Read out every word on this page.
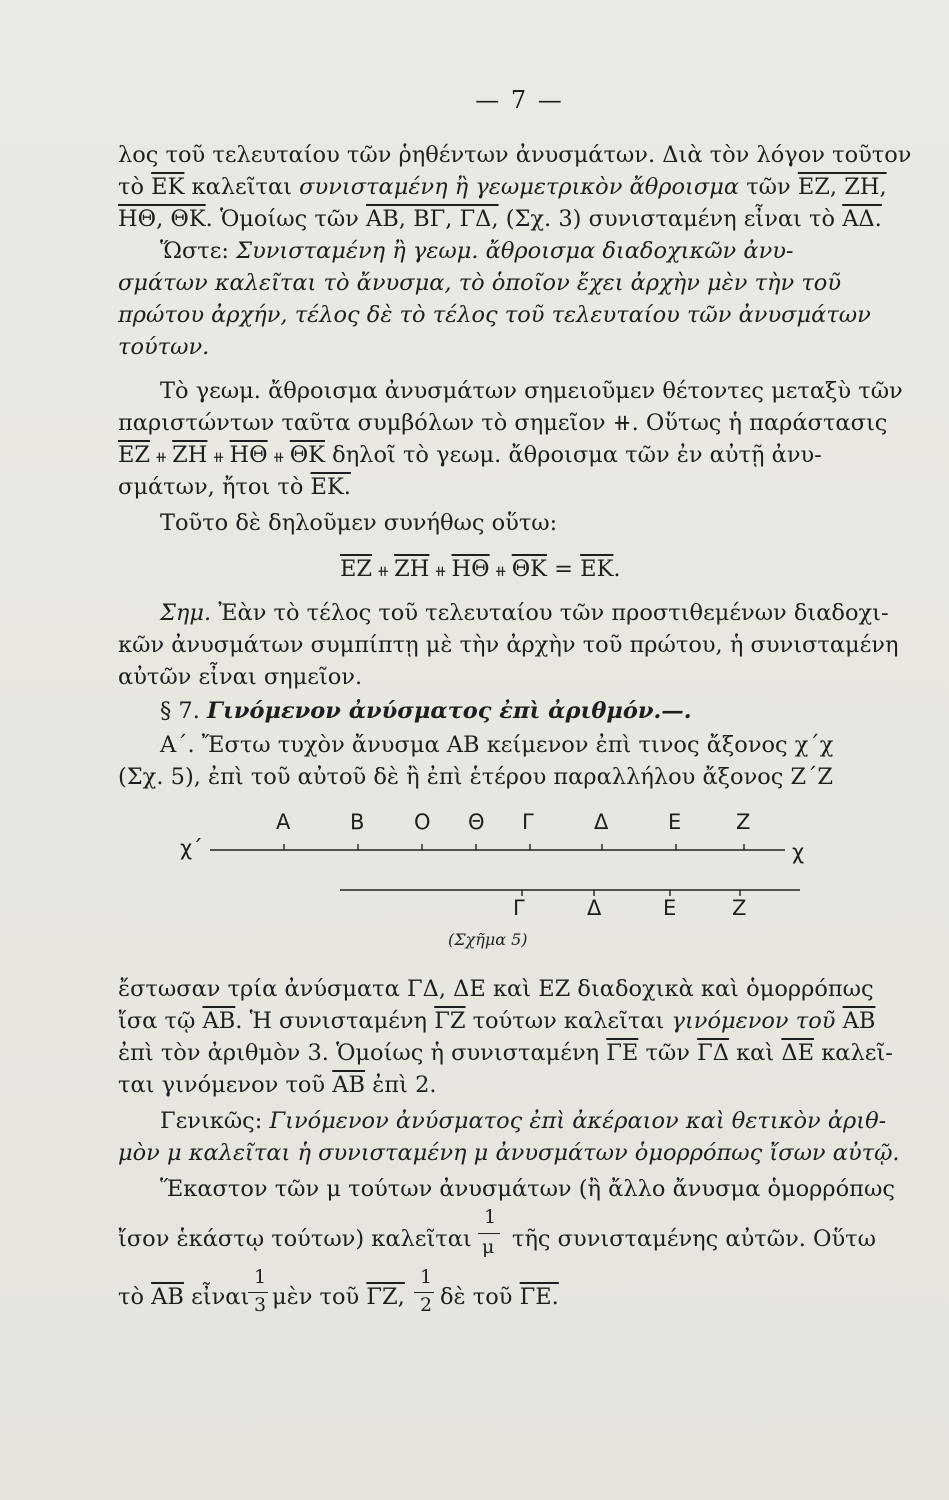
— 7 —
λος τοῦ τελευταίου τῶν ῥηθέντων ἀνυσμάτων. Διὰ τὸν λόγον τοῦτον
τὸ $\overline{EK}$ καλεῖται συνισταμένη ἢ γεωμετρικὸν ἄθροισμα τῶν ΕΖ, ΖΗ,
ΗΘ, ΘΚ. Ὁμοίως τῶν ΑΒ, ΒΓ, ΓΔ, (Σχ. 3) συνισταμένη εἶναι τὸ ΑΔ.
Ὥστε: Συνισταμένη ἢ γεωμ. ἄθροισμα διαδοχικῶν ἀνυ-
σμάτων καλεῖται τὸ ἄνυσμα, τὸ ὁποῖον ἔχει ἀρχὴν μὲν τὴν τοῦ
πρώτου ἀρχήν, τέλος δὲ τὸ τέλος τοῦ τελευταίου τῶν ἀνυσμάτων
τούτων.
Τὸ γεωμ. ἄθροισμα ἀνυσμάτων σημειοῦμεν θέτοντες μεταξὺ τῶν
παριστώντων ταῦτα συμβόλων τὸ σημεῖον ⧺. Οὕτως ἡ παράστασις
$\overline{EZ}$ ⧺ $\overline{ZH}$ ⧺ $\overline{H\Theta}$ ⧺ $\overline{\Theta K}$ δηλοῖ τὸ γεωμ. ἄθροισμα τῶν ἐν αὐτῇ ἀνυ-
σμάτων, ἤτοι τὸ ΕΚ.
Τοῦτο δὲ δηλοῦμεν συνήθως οὕτω:
$\overline{EZ}$ ⧺ $\overline{ZH}$ ⧺ $\overline{H\Theta}$ ⧺ $\overline{\Theta K} = \overline{EK}$.
Σημ. Ἐὰν τὸ τέλος τοῦ τελευταίου τῶν προστιθεμένων διαδοχι-
κῶν ἀνυσμάτων συμπίπτῃ μὲ τὴν ἀρχὴν τοῦ πρώτου, ἡ συνισταμένη
αὐτῶν εἶναι σημεῖον.
§ 7. Γινόμενον ἀνύσματος ἐπὶ ἀριθμόν.—.
Α΄. Ἔστω τυχὸν ἄνυσμα ΑΒ κείμενον ἐπὶ τινος ἄξονος χ΄χ
(Σχ. 5), ἐπὶ τοῦ αὐτοῦ δὲ ἢ ἐπὶ ἑτέρου παραλλήλου ἄξονος Ζ΄Ζ
χ΄	χ
Α	Β Ο Θ Γ	Δ	Ε	Ζ
Γ	Δ	Ε	Ζ
(Σχῆμα 5)
ἔστωσαν τρία ἀνύσματα ΓΔ, ΔΕ καὶ ΕΖ διαδοχικὰ καὶ ὁμορρόπως
ἴσα τῷ $\overline{AB}$. Ἡ συνισταμένη $\overline{\Gamma Z}$ τούτων καλεῖται γινόμενον τοῦ $\overline{AB}$
ἐπὶ τὸν ἀριθμὸν 3. Ὁμοίως ἡ συνισταμένη $\overline{\Gamma E}$ τῶν $\overline{\Gamma\Delta}$ καὶ $\overline{\Delta E}$ καλεῖ-
ται γινόμενον τοῦ $\overline{AB}$ ἐπὶ 2.
Γενικῶς: Γινόμενον ἀνύσματος ἐπὶ ἀκέραιον καὶ θετικὸν ἀριθ-
μὸν μ καλεῖται ἡ συνισταμένη μ ἀνυσμάτων ὁμορρόπως ἴσων αὐτῷ.
Ἕκαστον τῶν μ τούτων ἀνυσμάτων (ἢ ἄλλο ἄνυσμα ὁμορρόπως
ἴσον ἑκάστῳ τούτων) καλεῖται
1
μ τῆς συνισταμένης αὐτῶν. Οὕτω
τὸ $\overline{AB}$ εἶναι
1
3 μὲν τοῦ ΓΖ,
1
2 δὲ τοῦ ΓΕ.
